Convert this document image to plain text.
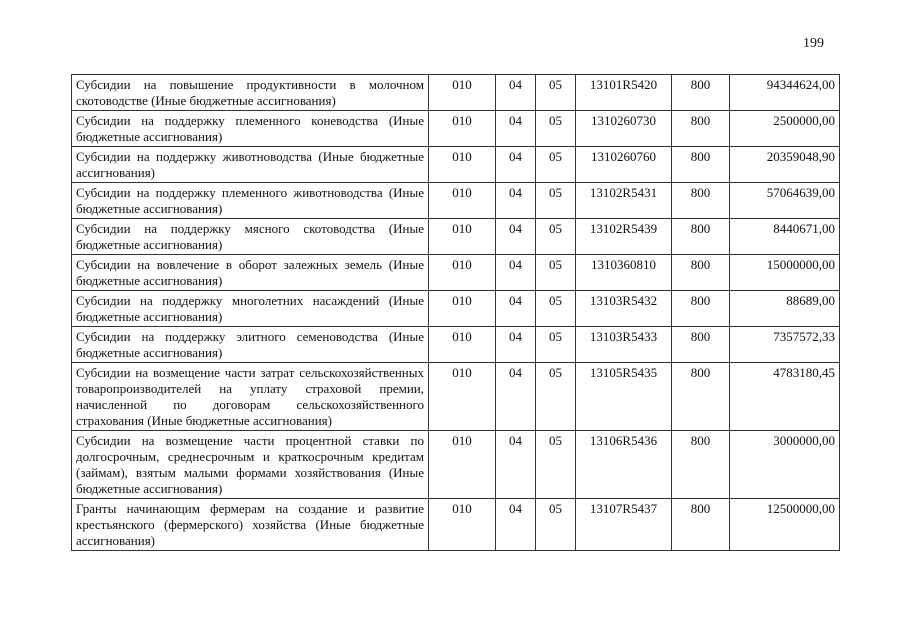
199
Субсидии на повышение продуктивности в молочном скотоводстве (Иные бюджетные ассигнования)	010	04	05	13101R5420	800	94344624,00
Субсидии на поддержку племенного коневодства (Иные бюджетные ассигнования)	010	04	05	1310260730	800	2500000,00
Субсидии на поддержку животноводства (Иные бюджетные ассигнования)	010	04	05	1310260760	800	20359048,90
Субсидии на поддержку племенного животноводства (Иные бюджетные ассигнования)	010	04	05	13102R5431	800	57064639,00
Субсидии на поддержку мясного скотоводства (Иные бюджетные ассигнования)	010	04	05	13102R5439	800	8440671,00
Субсидии на вовлечение в оборот залежных земель (Иные бюджетные ассигнования)	010	04	05	1310360810	800	15000000,00
Субсидии на поддержку многолетних насаждений (Иные бюджетные ассигнования)	010	04	05	13103R5432	800	88689,00
Субсидии на поддержку элитного семеноводства (Иные бюджетные ассигнования)	010	04	05	13103R5433	800	7357572,33
Субсидии на возмещение части затрат сельскохозяйственных товаропроизводителей на уплату страховой премии, начисленной по договорам сельскохозяйственного страхования (Иные бюджетные ассигнования)	010	04	05	13105R5435	800	4783180,45
Субсидии на возмещение части процентной ставки по долгосрочным, среднесрочным и краткосрочным кредитам (займам), взятым малыми формами хозяйствования (Иные бюджетные ассигнования)	010	04	05	13106R5436	800	3000000,00
Гранты начинающим фермерам на создание и развитие крестьянского (фермерского) хозяйства (Иные бюджетные ассигнования)	010	04	05	13107R5437	800	12500000,00
